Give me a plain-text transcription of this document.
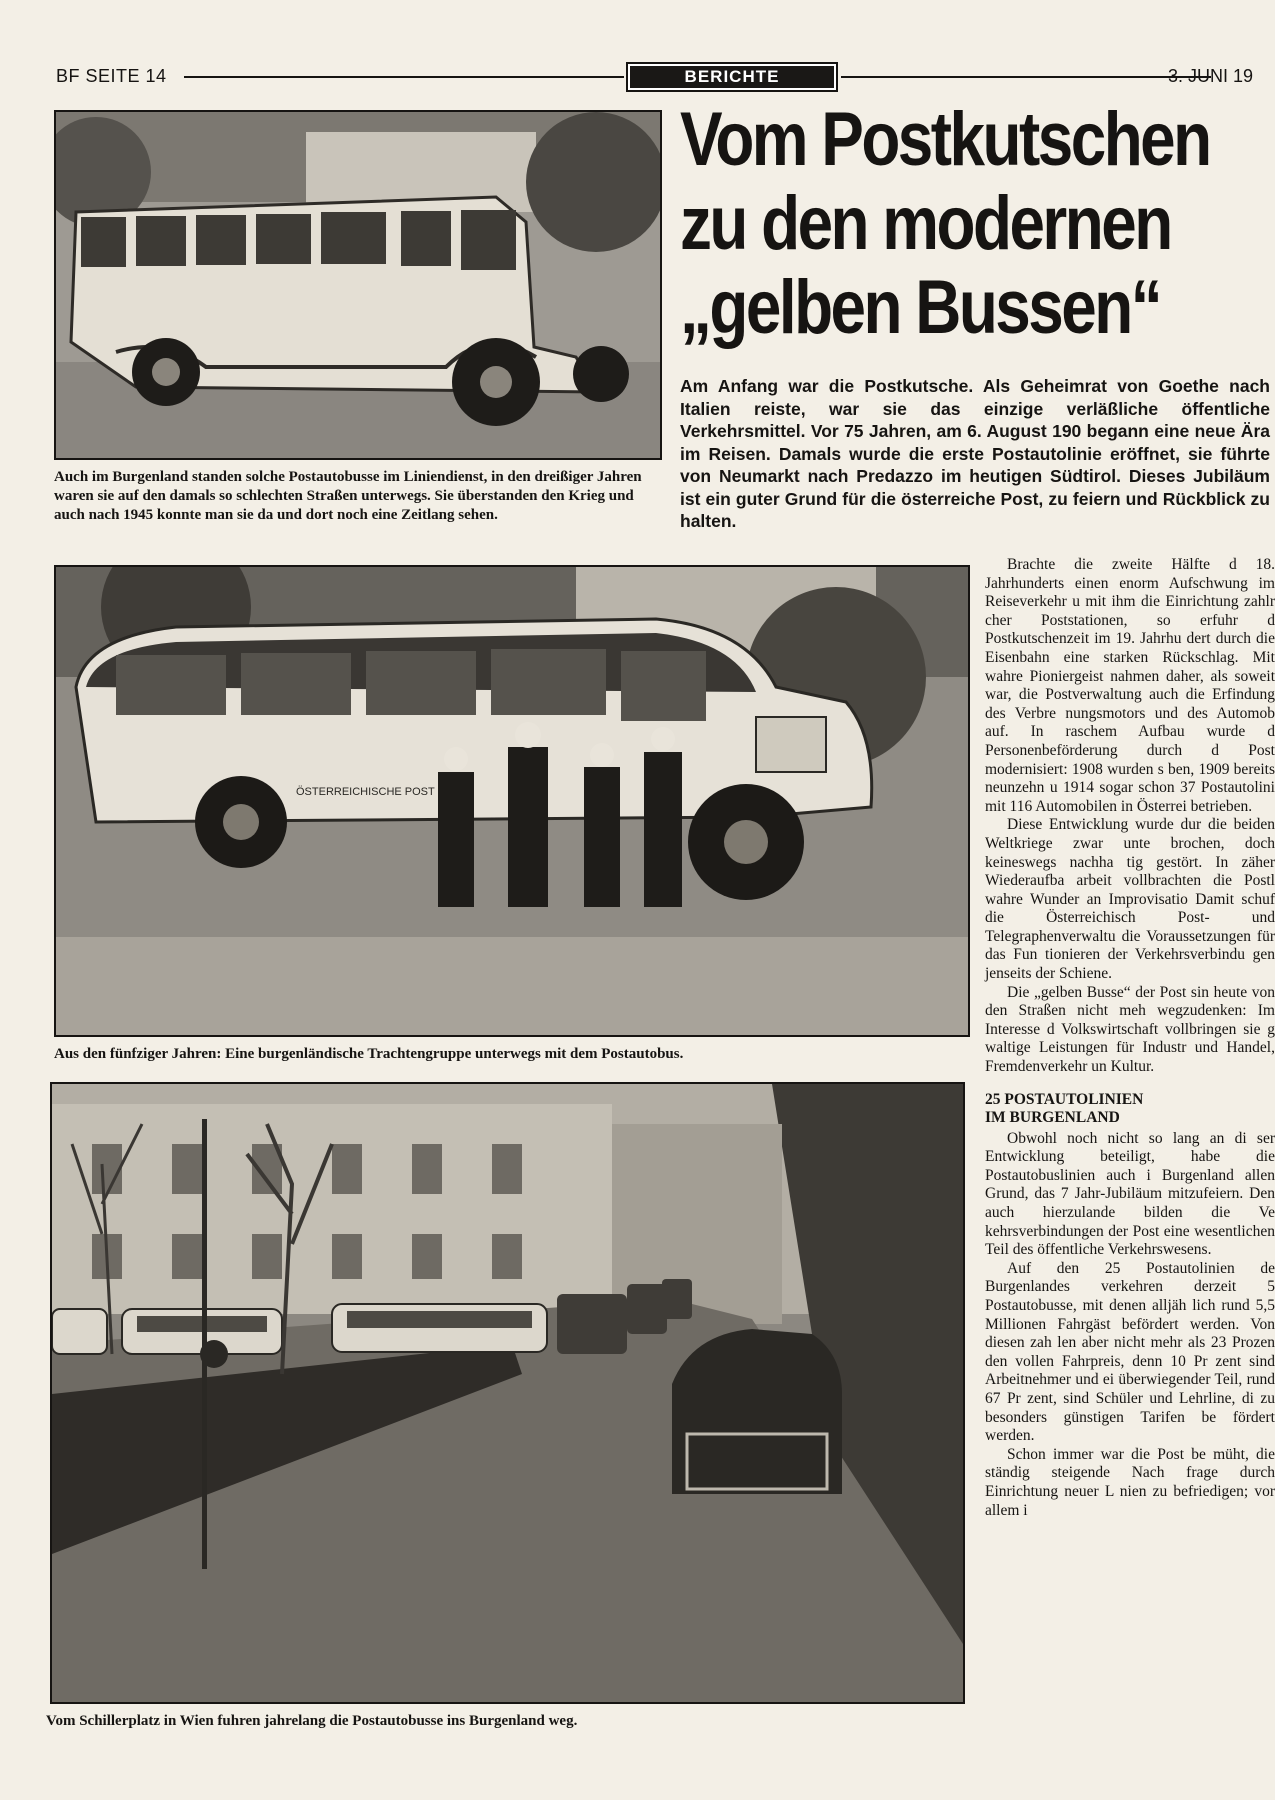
BF SEITE 14	BERICHTE	3. JUNI 19
Auch im Burgenland standen solche Postautobusse im Liniendienst, in den dreißiger Jahren waren sie auf den damals so schlechten Straßen unterwegs. Sie überstanden den Krieg und auch nach 1945 konnte man sie da und dort noch eine Zeitlang sehen.
Vom Postkutschen
zu den modernen
„gelben Bussen“

Am Anfang war die Postkutsche. Als Geheimrat von Goethe nach Italien reiste, war sie das einzige verläßliche öffentliche Verkehrsmittel. Vor 75 Jahren, am 6. August 190 begann eine neue Ära im Reisen. Damals wurde die erste Postautolinie eröffnet, sie führte von Neumarkt nach Predazzo im heutigen Südtirol. Dieses Jubiläum ist ein guter Grund für die österreiche Post, zu feiern und Rückblick zu halten.

ÖSTERREICHISCHE POST
Aus den fünfziger Jahren: Eine burgenländische Trachtengruppe unterwegs mit dem Postautobus.
Vom Schillerplatz in Wien fuhren jahrelang die Postautobusse ins Burgenland weg.

Brachte die zweite Hälfte d 18. Jahrhunderts einen enorm Aufschwung im Reiseverkehr u mit ihm die Einrichtung zahlr cher Poststationen, so erfuhr d Postkutschenzeit im 19. Jahrhu dert durch die Eisenbahn eine starken Rückschlag. Mit wahre Pioniergeist nahmen daher, als soweit war, die Postverwaltung auch die Erfindung des Verbre nungsmotors und des Automob auf. In raschem Aufbau wurde d Personenbeförderung durch d Post modernisiert: 1908 wurden s ben, 1909 bereits neunzehn u 1914 sogar schon 37 Postautolini mit 116 Automobilen in Österrei betrieben.

Diese Entwicklung wurde dur die beiden Weltkriege zwar unte brochen, doch keineswegs nachha tig gestört. In zäher Wiederaufba arbeit vollbrachten die Postl wahre Wunder an Improvisatio Damit schuf die Österreichisch Post- und Telegraphenverwaltu die Voraussetzungen für das Fun tionieren der Verkehrsverbindu gen jenseits der Schiene.

Die „gelben Busse“ der Post sin heute von den Straßen nicht meh wegzudenken: Im Interesse d Volkswirtschaft vollbringen sie g waltige Leistungen für Industr und Handel, Fremdenverkehr un Kultur.

25 POSTAUTOLINIEN
IM BURGENLAND

Obwohl noch nicht so lang an di ser Entwicklung beteiligt, habe die Postautobuslinien auch i Burgenland allen Grund, das 7 Jahr-Jubiläum mitzufeiern. Den auch hierzulande bilden die Ve kehrsverbindungen der Post eine wesentlichen Teil des öffentliche Verkehrswesens.

Auf den 25 Postautolinien de Burgenlandes verkehren derzeit 5 Postautobusse, mit denen alljäh lich rund 5,5 Millionen Fahrgäst befördert werden. Von diesen zah len aber nicht mehr als 23 Prozen den vollen Fahrpreis, denn 10 Pr zent sind Arbeitnehmer und ei überwiegender Teil, rund 67 Pr zent, sind Schüler und Lehrline, di zu besonders günstigen Tarifen be fördert werden.

Schon immer war die Post be müht, die ständig steigende Nach frage durch Einrichtung neuer L nien zu befriedigen; vor allem i
